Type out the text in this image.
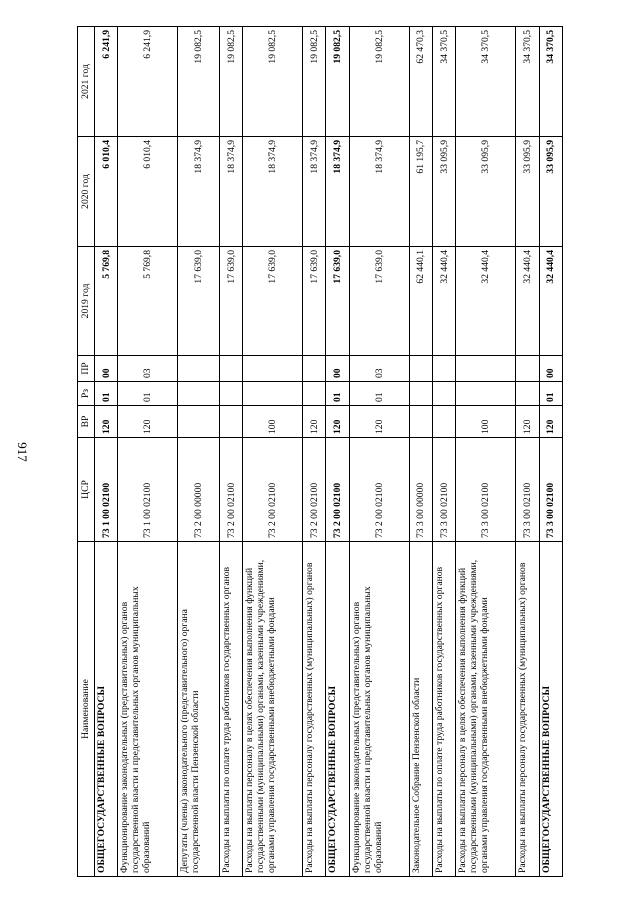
917
Наименование	ЦСР	ВР	Рз	ПР	2019 год	2020 год	2021 год
ОБЩЕГОСУДАРСТВЕННЫЕ ВОПРОСЫ	73 1 00 02100	120	01	00	5 769,8	6 010,4	6 241,9
Функционирование законодательных (представительных) органов государственной власти и представительных органов муниципальных образований	73 1 00 02100	120	01	03	5 769,8	6 010,4	6 241,9
Депутаты (члены) законодательного (представительного) органа государственной власти Пензенской области	73 2 00 00000				17 639,0	18 374,9	19 082,5
Расходы на выплаты по оплате труда работников государственных органов	73 2 00 02100				17 639,0	18 374,9	19 082,5
Расходы на выплаты персоналу в целях обеспечения выполнения функций государственными (муниципальными) органами, казенными учреждениями, органами управления государственными внебюджетными фондами	73 2 00 02100	100			17 639,0	18 374,9	19 082,5
Расходы на выплаты персоналу государственных (муниципальных) органов	73 2 00 02100	120			17 639,0	18 374,9	19 082,5
ОБЩЕГОСУДАРСТВЕННЫЕ ВОПРОСЫ	73 2 00 02100	120	01	00	17 639,0	18 374,9	19 082,5
Функционирование законодательных (представительных) органов государственной власти и представительных органов муниципальных образований	73 2 00 02100	120	01	03	17 639,0	18 374,9	19 082,5
Законодательное Собрание Пензенской области	73 3 00 00000				62 440,1	61 195,7	62 470,3
Расходы на выплаты по оплате труда работников государственных органов	73 3 00 02100				32 440,4	33 095,9	34 370,5
Расходы на выплаты персоналу в целях обеспечения выполнения функций государственными (муниципальными) органами, казенными учреждениями, органами управления государственными внебюджетными фондами	73 3 00 02100	100			32 440,4	33 095,9	34 370,5
Расходы на выплаты персоналу государственных (муниципальных) органов	73 3 00 02100	120			32 440,4	33 095,9	34 370,5
ОБЩЕГОСУДАРСТВЕННЫЕ ВОПРОСЫ	73 3 00 02100	120	01	00	32 440,4	33 095,9	34 370,5
